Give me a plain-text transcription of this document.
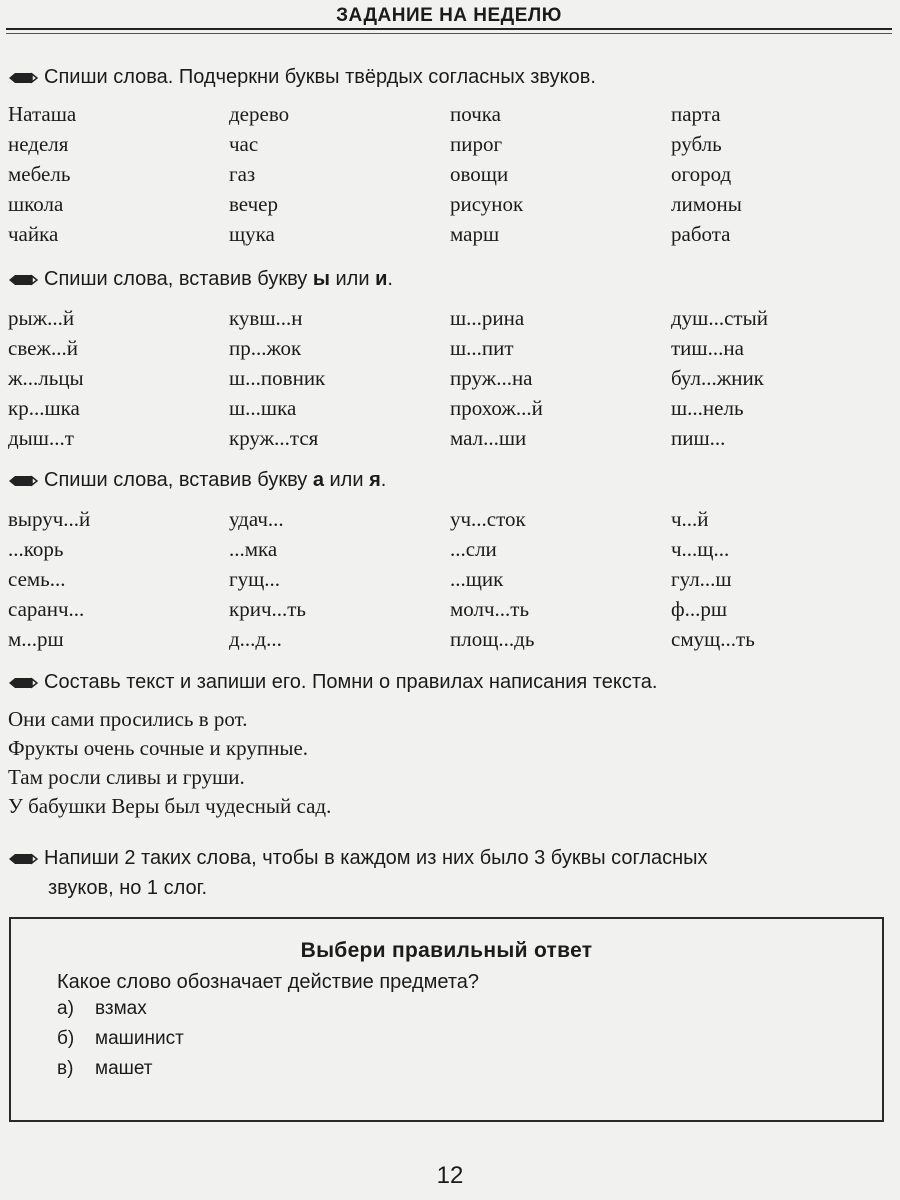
ЗАДАНИЕ НА НЕДЕЛЮ
Спиши слова. Подчеркни буквы твёрдых согласных звуков.
Наташа	дерево	почка	парта
неделя	час	пирог	рубль
мебель	газ	овощи	огород
школа	вечер	рисунок	лимоны
чайка	щука	марш	работа
Спиши слова, вставив букву ы или и.
рыж...й	кувш...н	ш...рина	душ...стый
свеж...й	пр...жок	ш...пит	тиш...на
ж...льцы	ш...повник	пруж...на	бул...жник
кр...шка	ш...шка	прохож...й	ш...нель
дыш...т	круж...тся	мал...ши	пиш...
Спиши слова, вставив букву а или я.
выруч...й	удач...	уч...сток	ч...й
...корь	...мка	...сли	ч...щ...
семь...	гущ...	...щик	гул...ш
саранч...	крич...ть	молч...ть	ф...рш
м...рш	д...д...	площ...дь	смущ...ть
Составь текст и запиши его. Помни о правилах написания текста.
Они сами просились в рот.
Фрукты очень сочные и крупные.
Там росли сливы и груши.
У бабушки Веры был чудесный сад.
Напиши 2 таких слова, чтобы в каждом из них было 3 буквы согласных
звуков, но 1 слог.
Выбери правильный ответ
Какое слово обозначает действие предмета?
а) взмах
б) машинист
в) машет
12
